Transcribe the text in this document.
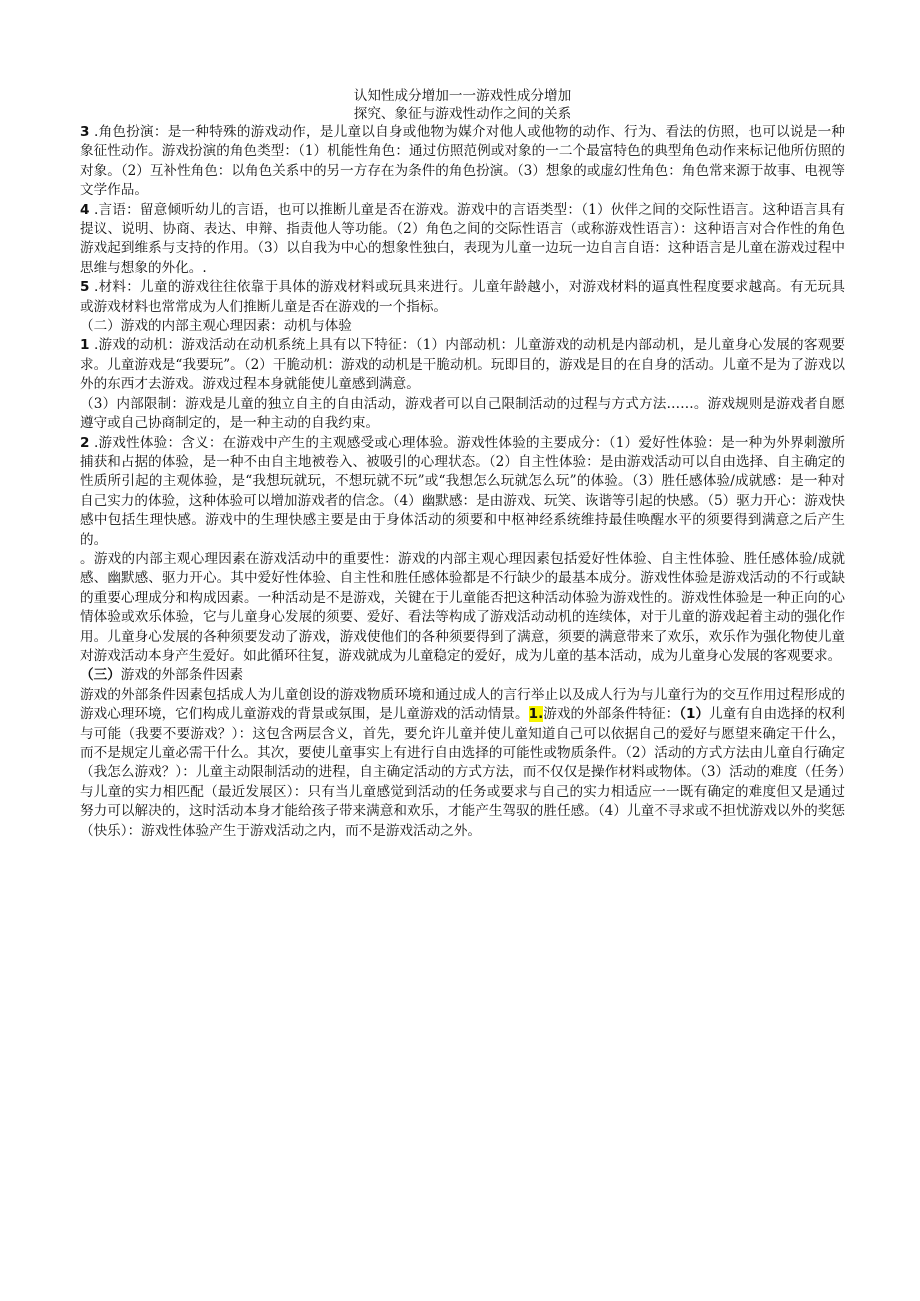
认知性成分增加一一游戏性成分增加

探究、象征与游戏性动作之间的关系

3 .角色扮演：是一种特殊的游戏动作，是儿童以自身或他物为媒介对他人或他物的动作、行为、看法的仿照，也可以说是一种象征性动作。游戏扮演的角色类型：（1）机能性角色：通过仿照范例或对象的一二个最富特色的典型角色动作来标记他所仿照的对象。（2）互补性角色：以角色关系中的另一方存在为条件的角色扮演。（3）想象的或虚幻性角色：角色常来源于故事、电视等文学作品。

4 .言语：留意倾听幼儿的言语，也可以推断儿童是否在游戏。游戏中的言语类型：（1）伙伴之间的交际性语言。这种语言具有提议、说明、协商、表达、申辩、指责他人等功能。（2）角色之间的交际性语言（或称游戏性语言）：这种语言对合作性的角色游戏起到维系与支持的作用。（3）以自我为中心的想象性独白，表现为儿童一边玩一边自言自语：这种语言是儿童在游戏过程中思维与想象的外化。.

5 .材料：儿童的游戏往往依靠于具体的游戏材料或玩具来进行。儿童年龄越小，对游戏材料的逼真性程度要求越高。有无玩具或游戏材料也常常成为人们推断儿童是否在游戏的一个指标。

（二）游戏的内部主观心理因素：动机与体验

1 .游戏的动机：游戏活动在动机系统上具有以下特征：（1）内部动机：儿童游戏的动机是内部动机，是儿童身心发展的客观要求。儿童游戏是“我要玩”。（2）干脆动机：游戏的动机是干脆动机。玩即目的，游戏是目的在自身的活动。儿童不是为了游戏以外的东西才去游戏。游戏过程本身就能使儿童感到满意。

（3）内部限制：游戏是儿童的独立自主的自由活动，游戏者可以自己限制活动的过程与方式方法……。游戏规则是游戏者自愿遵守或自己协商制定的，是一种主动的自我约束。

2 .游戏性体验：含义：在游戏中产生的主观感受或心理体验。游戏性体验的主要成分：（1）爱好性体验：是一种为外界刺激所捕获和占据的体验，是一种不由自主地被卷入、被吸引的心理状态。（2）自主性体验：是由游戏活动可以自由选择、自主确定的性质所引起的主观体验，是“我想玩就玩，不想玩就不玩”或“我想怎么玩就怎么玩”的体验。（3）胜任感体验/成就感：是一种对自己实力的体验，这种体验可以增加游戏者的信念。（4）幽默感：是由游戏、玩笑、诙谐等引起的快感。（5）驱力开心：游戏快感中包括生理快感。游戏中的生理快感主要是由于身体活动的须要和中枢神经系统维持最佳唤醒水平的须要得到满意之后产生的。

。游戏的内部主观心理因素在游戏活动中的重要性：游戏的内部主观心理因素包括爱好性体验、自主性体验、胜任感体验/成就感、幽默感、驱力开心。其中爱好性体验、自主性和胜任感体验都是不行缺少的最基本成分。游戏性体验是游戏活动的不行或缺的重要心理成分和构成因素。一种活动是不是游戏，关键在于儿童能否把这种活动体验为游戏性的。游戏性体验是一种正向的心情体验或欢乐体验，它与儿童身心发展的须要、爱好、看法等构成了游戏活动动机的连续体，对于儿童的游戏起着主动的强化作用。儿童身心发展的各种须要发动了游戏，游戏使他们的各种须要得到了满意，须要的满意带来了欢乐，欢乐作为强化物使儿童对游戏活动本身产生爱好。如此循环往复，游戏就成为儿童稳定的爱好，成为儿童的基本活动，成为儿童身心发展的客观要求。

（三）游戏的外部条件因素

游戏的外部条件因素包括成人为儿童创设的游戏物质环境和通过成人的言行举止以及成人行为与儿童行为的交互作用过程形成的游戏心理环境，它们构成儿童游戏的背景或氛围，是儿童游戏的活动情景。1.游戏的外部条件特征：（1）儿童有自由选择的权利与可能（我要不要游戏？）：这包含两层含义，首先，要允许儿童并使儿童知道自己可以依据自己的爱好与愿望来确定干什么，而不是规定儿童必需干什么。其次，要使儿童事实上有进行自由选择的可能性或物质条件。（2）活动的方式方法由儿童自行确定（我怎么游戏？）：儿童主动限制活动的进程，自主确定活动的方式方法，而不仅仅是操作材料或物体。（3）活动的难度（任务）与儿童的实力相匹配（最近发展区）：只有当儿童感觉到活动的任务或要求与自己的实力相适应一一既有确定的难度但又是通过努力可以解决的，这时活动本身才能给孩子带来满意和欢乐，才能产生驾驭的胜任感。（4）儿童不寻求或不担忧游戏以外的奖惩（快乐）：游戏性体验产生于游戏活动之内，而不是游戏活动之外。
